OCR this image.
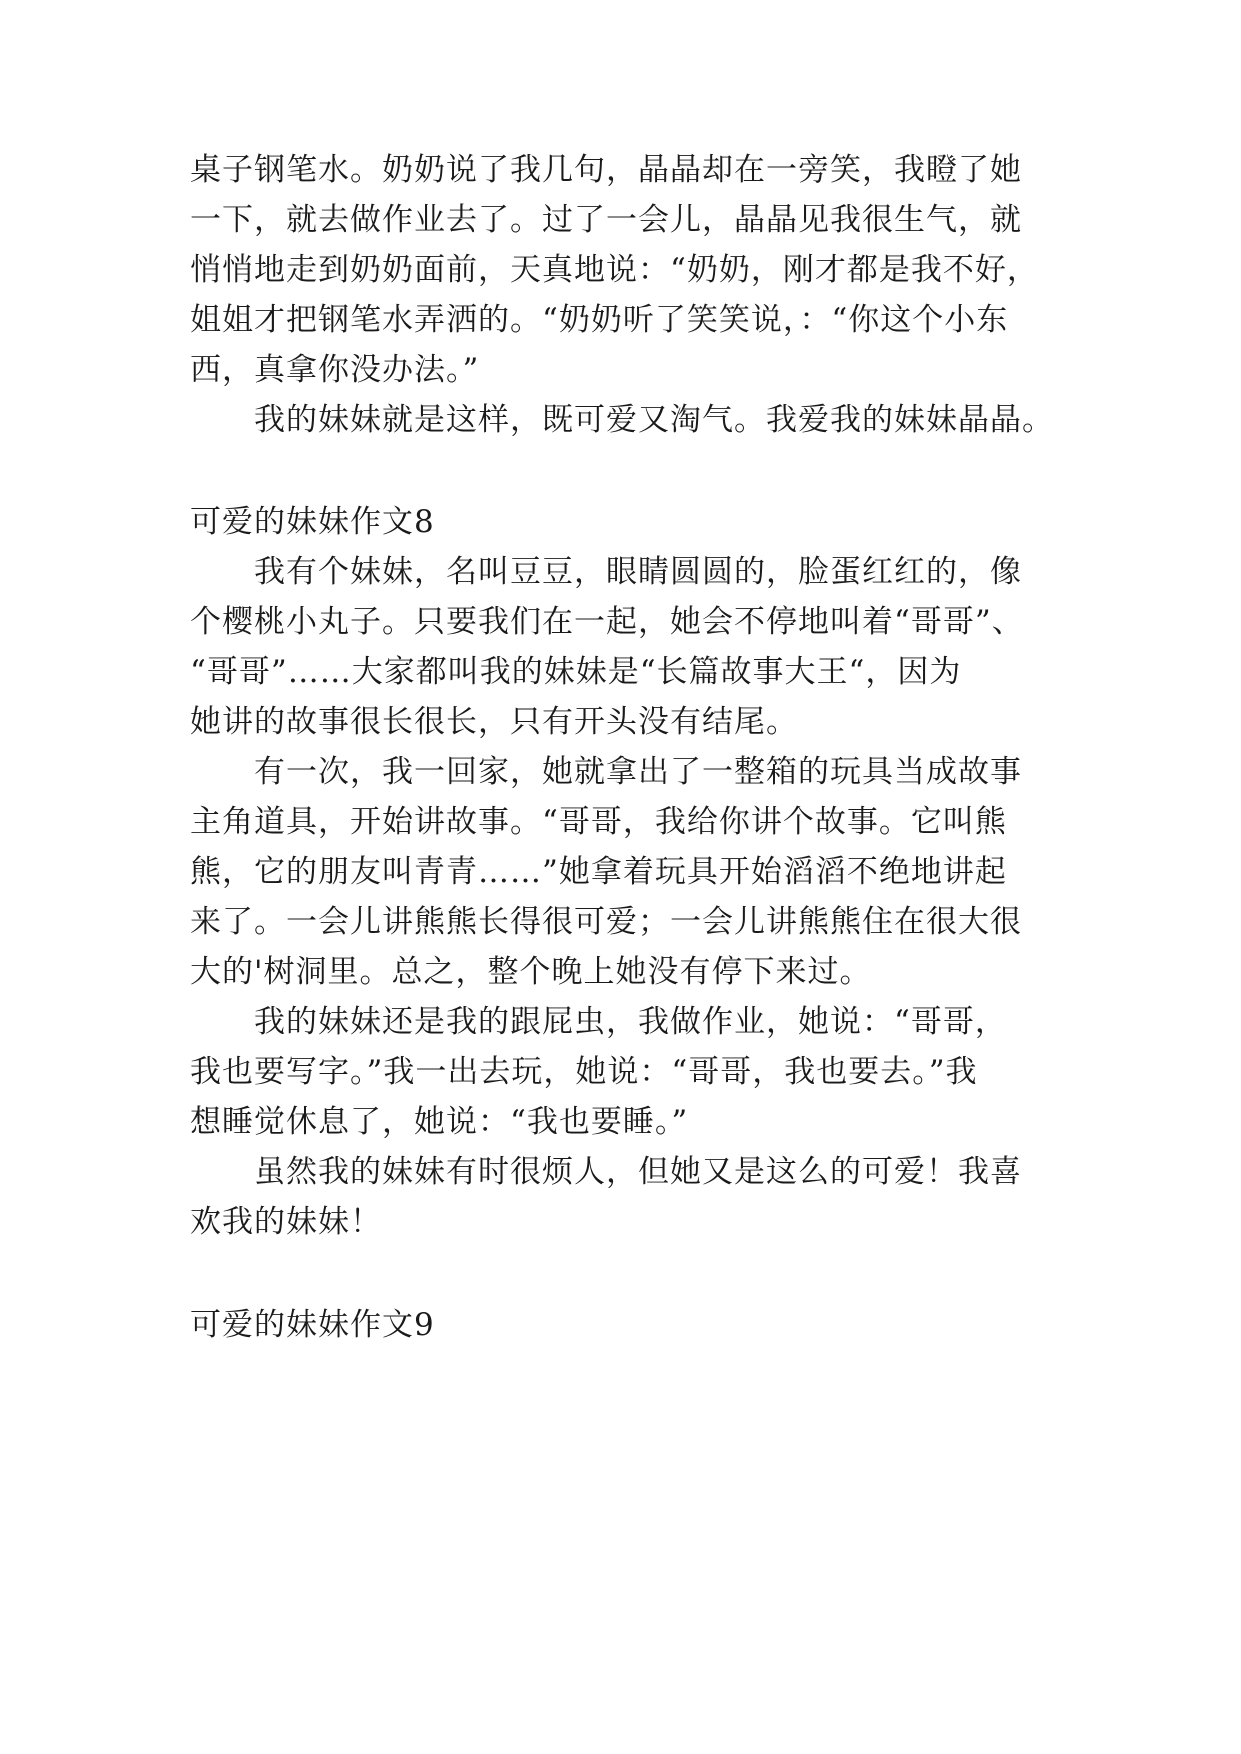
桌子钢笔水。奶奶说了我几句，晶晶却在一旁笑，我瞪了她
一下，就去做作业去了。过了一会儿，晶晶见我很生气，就
悄悄地走到奶奶面前，天真地说：“奶奶，刚才都是我不好，
姐姐才把钢笔水弄洒的。“奶奶听了笑笑说，：“你这个小东
西，真拿你没办法。”
我的妹妹就是这样，既可爱又淘气。我爱我的妹妹晶晶。
可爱的妹妹作文8
我有个妹妹，名叫豆豆，眼睛圆圆的，脸蛋红红的，像
个樱桃小丸子。只要我们在一起，她会不停地叫着“哥哥”、
“哥哥”……大家都叫我的妹妹是“长篇故事大王“，因为
她讲的故事很长很长，只有开头没有结尾。
有一次，我一回家，她就拿出了一整箱的玩具当成故事
主角道具，开始讲故事。“哥哥，我给你讲个故事。它叫熊
熊，它的朋友叫青青……”她拿着玩具开始滔滔不绝地讲起
来了。一会儿讲熊熊长得很可爱；一会儿讲熊熊住在很大很
大的'树洞里。总之，整个晚上她没有停下来过。
我的妹妹还是我的跟屁虫，我做作业，她说：“哥哥，
我也要写字。”我一出去玩，她说：“哥哥，我也要去。”我
想睡觉休息了，她说：“我也要睡。”
虽然我的妹妹有时很烦人，但她又是这么的可爱！我喜
欢我的妹妹！
可爱的妹妹作文9
